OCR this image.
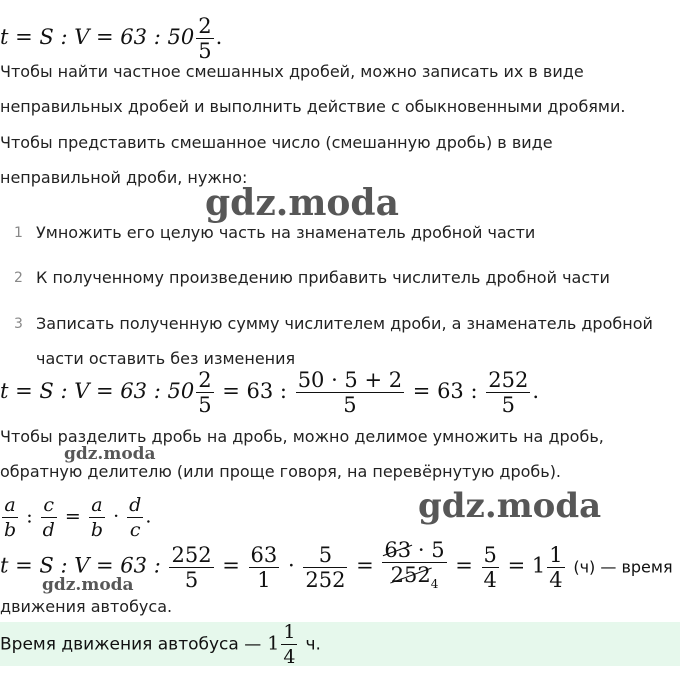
t = S : V = 63 : $50 \frac{2}{5}$ .
Чтобы найти частное смешанных дробей, можно записать их в виде
неправильных дробей и выполнить действие с обыкновенными дробями.
Чтобы представить смешанное число (смешанную дробь) в виде
неправильной дроби, нужно:
gdz.moda
1 Умножить его целую часть на знаменатель дробной части
2 К полученному произведению прибавить числитель дробной части
3 Записать полученную сумму числителем дроби, а знаменатель дробной
части оставить без изменения
t = S : V = 63 : $50 \frac{2}{5} = 63$ : $\frac{50 \cdot 5 + 2}{5} = 63$ : $\frac{252}{5}$ .
Чтобы разделить дробь на дробь, можно делимое умножить на дробь,
обратную делителю (или проще говоря, на перевёрнутую дробь).
gdz.moda
gdz.moda
$\frac{a}{b}$ : $\frac{c}{d} = \frac{a}{b} \cdot \frac{d}{c}$ .
t = S : V = 63 : $\frac{252}{5} = \frac{63}{1} \cdot \frac{5}{252} = \frac{63 \cdot 5}{252_4} = \frac{5}{4} = 1 \frac{1}{4} (ч)$ — время
gdz.moda
движения автобуса.
Время движения автобуса — $1 \frac{1}{4} ч$.
